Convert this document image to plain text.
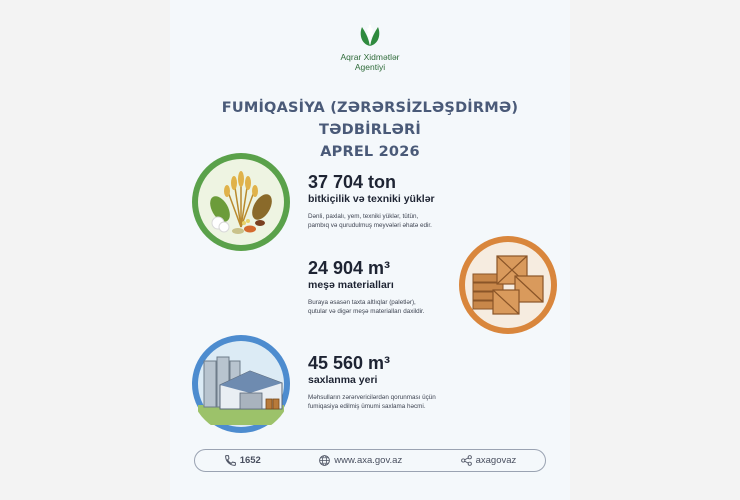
Aqrar Xidmətlər
Agentiyi
FUMİQASİYA (ZƏRƏRSİZLƏŞDİRMƏ) TƏDBİRLƏRİ
APREL 2026
37 704 ton
bitkiçilik və texniki yüklər
Dənli, paxlalı, yem, texniki yüklər, tütün,
pambıq və qurudulmuş meyvələri əhatə edir.
24 904 m³
meşə materialları
Buraya əsasən taxta altlıqlar (paletlər),
qutular və digər meşə materialları daxildir.
45 560 m³
saxlanma yeri
Məhsulların zərərvericilərdən qorunması üçün
fumiqasiya edilmiş ümumi saxlama həcmi.
1652	www.axa.gov.az	axagovaz
